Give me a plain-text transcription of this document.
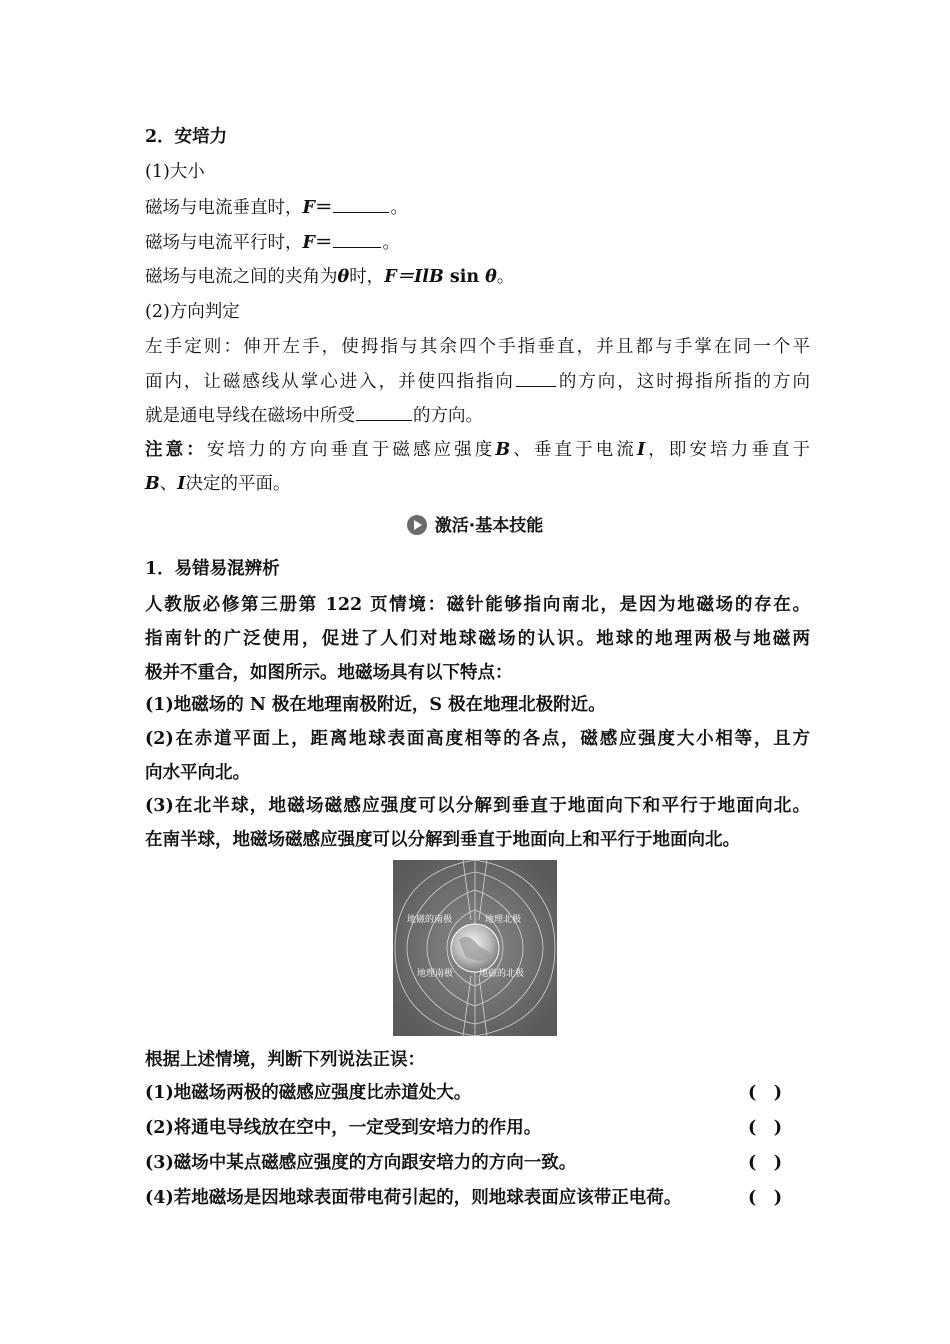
2．安培力
(1)大小
磁场与电流垂直时，F＝	。
磁场与电流平行时，F＝	。
磁场与电流之间的夹角为θ时，F＝IlB sin θ。
(2)方向判定
左手定则：伸开左手，使拇指与其余四个手指垂直，并且都与手掌在同一个平
面内，让磁感线从掌心进入，并使四指指向 的方向，这时拇指所指的方向
就是通电导线在磁场中所受	的方向。
注意：安培力的方向垂直于磁感应强度B、垂直于电流I，即安培力垂直于
B、I决定的平面。
激活·基本技能
1．易错易混辨析
人教版必修第三册第 122 页情境：磁针能够指向南北，是因为地磁场的存在。
指南针的广泛使用，促进了人们对地球磁场的认识。地球的地理两极与地磁两
极并不重合，如图所示。地磁场具有以下特点：
(1)地磁场的 N 极在地理南极附近，S 极在地理北极附近。
(2)在赤道平面上，距离地球表面高度相等的各点，磁感应强度大小相等，且方
向水平向北。
(3)在北半球，地磁场磁感应强度可以分解到垂直于地面向下和平行于地面向北。
在南半球，地磁场磁感应强度可以分解到垂直于地面向上和平行于地面向北。
地磁的南极	地理北极
地理南极	地磁的北极
根据上述情境，判断下列说法正误：
(1)地磁场两极的磁感应强度比赤道处大。	(　)
(2)将通电导线放在空中，一定受到安培力的作用。	(　)
(3)磁场中某点磁感应强度的方向跟安培力的方向一致。	(　)
(4)若地磁场是因地球表面带电荷引起的，则地球表面应该带正电荷。	(　)
